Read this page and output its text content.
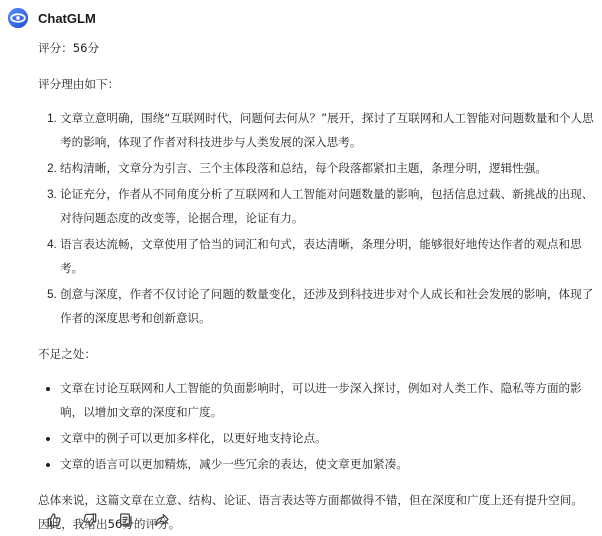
ChatGLM

评分：56分

评分理由如下：

1. 文章立意明确，围绕“互联网时代，问题何去何从？”展开，探讨了互联网和人工智能对问题数量和个人思考的影响，体现了作者对科技进步与人类发展的深入思考。
2. 结构清晰，文章分为引言、三个主体段落和总结，每个段落都紧扣主题，条理分明，逻辑性强。
3. 论证充分，作者从不同角度分析了互联网和人工智能对问题数量的影响，包括信息过载、新挑战的出现、对待问题态度的改变等，论据合理，论证有力。
4. 语言表达流畅，文章使用了恰当的词汇和句式，表达清晰，条理分明，能够很好地传达作者的观点和思考。
5. 创意与深度，作者不仅讨论了问题的数量变化，还涉及到科技进步对个人成长和社会发展的影响，体现了作者的深度思考和创新意识。

不足之处：

• 文章在讨论互联网和人工智能的负面影响时，可以进一步深入探讨，例如对人类工作、隐私等方面的影响，以增加文章的深度和广度。
• 文章中的例子可以更加多样化，以更好地支持论点。
• 文章的语言可以更加精炼，减少一些冗余的表达，使文章更加紧凑。

总体来说，这篇文章在立意、结构、论证、语言表达等方面都做得不错，但在深度和广度上还有提升空间。因此，我给出56分的评分。
